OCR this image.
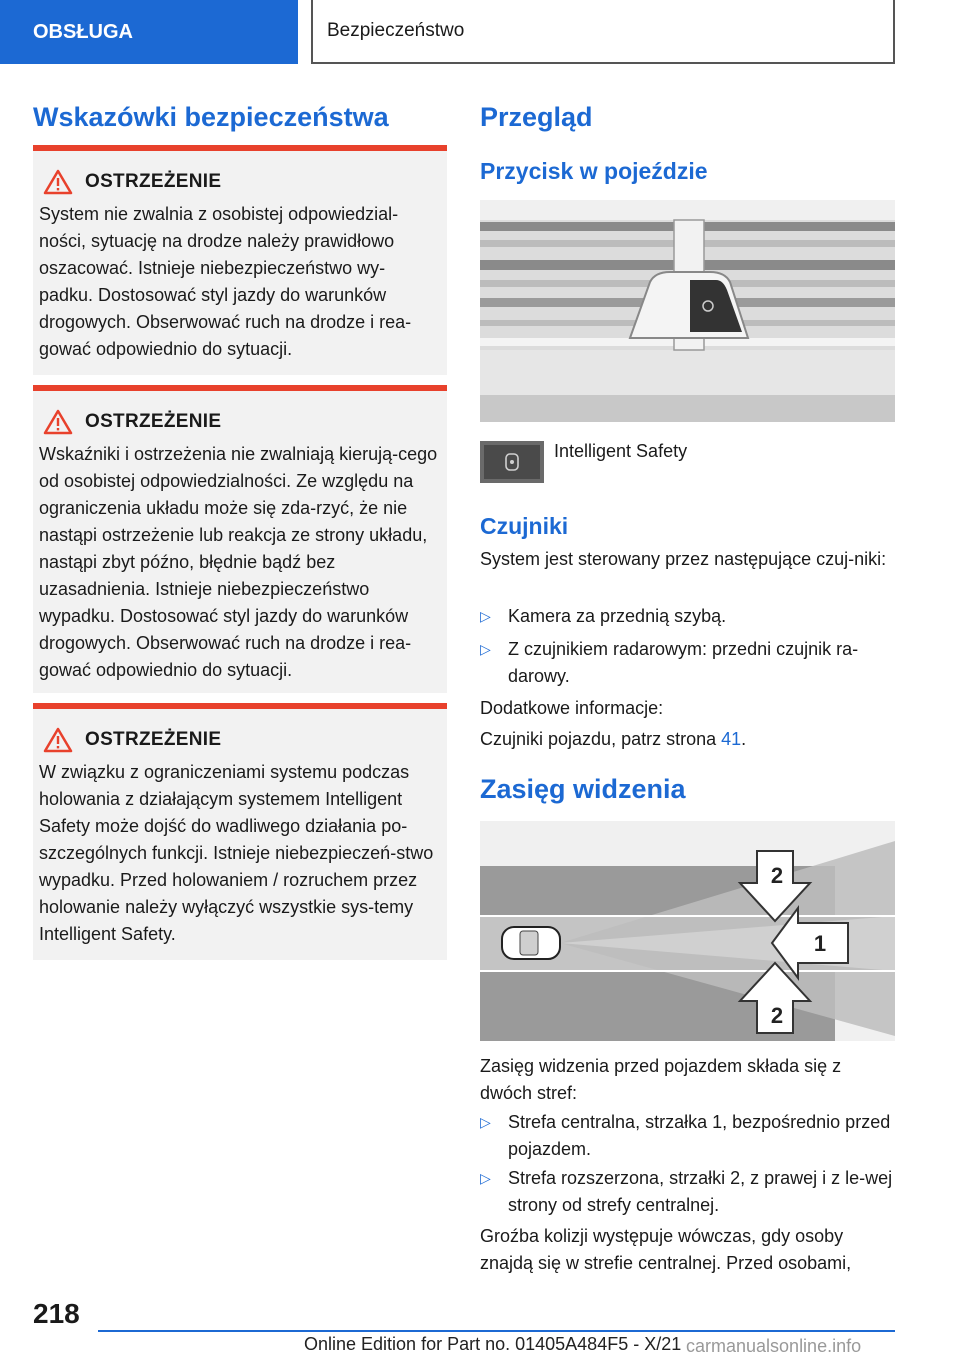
OBSŁUGA	Bezpieczeństwo
Wskazówki bezpieczeństwa
OSTRZEŻENIE
System nie zwalnia z osobistej odpowiedzial-ności, sytuację na drodze należy prawidłowo oszacować. Istnieje niebezpieczeństwo wy-padku. Dostosować styl jazdy do warunków drogowych. Obserwować ruch na drodze i rea-gować odpowiednio do sytuacji.
OSTRZEŻENIE
Wskaźniki i ostrzeżenia nie zwalniają kierują-cego od osobistej odpowiedzialności. Ze względu na ograniczenia układu może się zda-rzyć, że nie nastąpi ostrzeżenie lub reakcja ze strony układu, nastąpi zbyt późno, błędnie bądź bez uzasadnienia. Istnieje niebezpieczeństwo wypadku. Dostosować styl jazdy do warunków drogowych. Obserwować ruch na drodze i rea-gować odpowiednio do sytuacji.
OSTRZEŻENIE
W związku z ograniczeniami systemu podczas holowania z działającym systemem Intelligent Safety może dojść do wadliwego działania po-szczególnych funkcji. Istnieje niebezpieczeń-stwo wypadku. Przed holowaniem / rozruchem przez holowanie należy wyłączyć wszystkie sys-temy Intelligent Safety.
Przegląd
Przycisk w pojeździe
Intelligent Safety
Czujniki
System jest sterowany przez następujące czuj-niki:
▷ Kamera za przednią szybą.
▷ Z czujnikiem radarowym: przedni czujnik ra-darowy.
Dodatkowe informacje:
Czujniki pojazdu, patrz strona 41.
Zasięg widzenia
2
1
2
Zasięg widzenia przed pojazdem składa się z dwóch stref:
▷ Strefa centralna, strzałka 1, bezpośrednio przed pojazdem.
▷ Strefa rozszerzona, strzałki 2, z prawej i z le-wej strony od strefy centralnej.
Groźba kolizji występuje wówczas, gdy osoby znajdą się w strefie centralnej. Przed osobami,
218
Online Edition for Part no. 01405A484F5 - X/21 carmanualsonline.info
